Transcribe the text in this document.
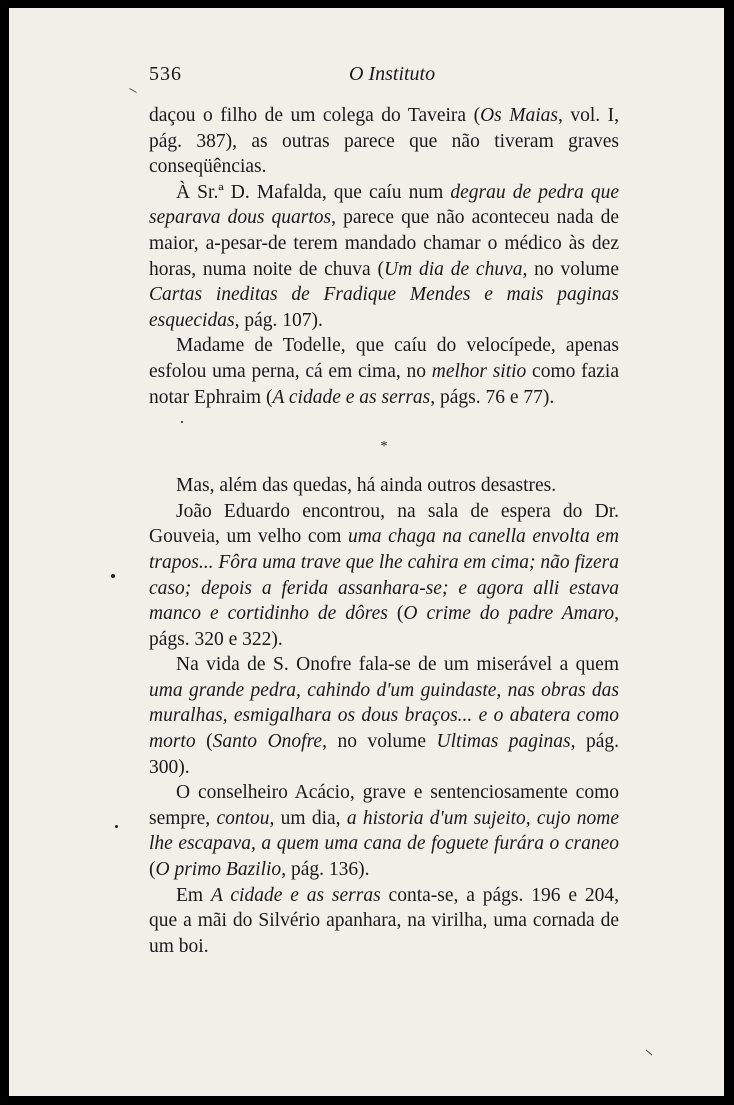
536	O Instituto

daçou o filho de um colega do Taveira (Os Maias, vol. I, pág. 387), as outras parece que não tiveram graves conseqüências.

À Sr.ª D. Mafalda, que caíu num degrau de pedra que separava dous quartos, parece que não aconteceu nada de maior, a-pesar-de terem mandado chamar o médico às dez horas, numa noite de chuva (Um dia de chuva, no volume Cartas ineditas de Fradique Mendes e mais paginas esquecidas, pág. 107).

Madame de Todelle, que caíu do velocípede, apenas esfolou uma perna, cá em cima, no melhor sitio como fazia notar Ephraim (A cidade e as serras, págs. 76 e 77).

*

Mas, além das quedas, há ainda outros desastres.

João Eduardo encontrou, na sala de espera do Dr. Gouveia, um velho com uma chaga na canella envolta em trapos... Fôra uma trave que lhe cahira em cima; não fizera caso; depois a ferida assanhara-se; e agora alli estava manco e cortidinho de dôres (O crime do padre Amaro, págs. 320 e 322).

Na vida de S. Onofre fala-se de um miserável a quem uma grande pedra, cahindo d'um guindaste, nas obras das muralhas, esmigalhara os dous braços... e o abatera como morto (Santo Onofre, no volume Ultimas paginas, pág. 300).

O conselheiro Acácio, grave e sentenciosamente como sempre, contou, um dia, a historia d'um sujeito, cujo nome lhe escapava, a quem uma cana de foguete furára o craneo (O primo Bazilio, pág. 136).

Em A cidade e as serras conta-se, a págs. 196 e 204, que a mãi do Silvério apanhara, na virilha, uma cornada de um boi.
